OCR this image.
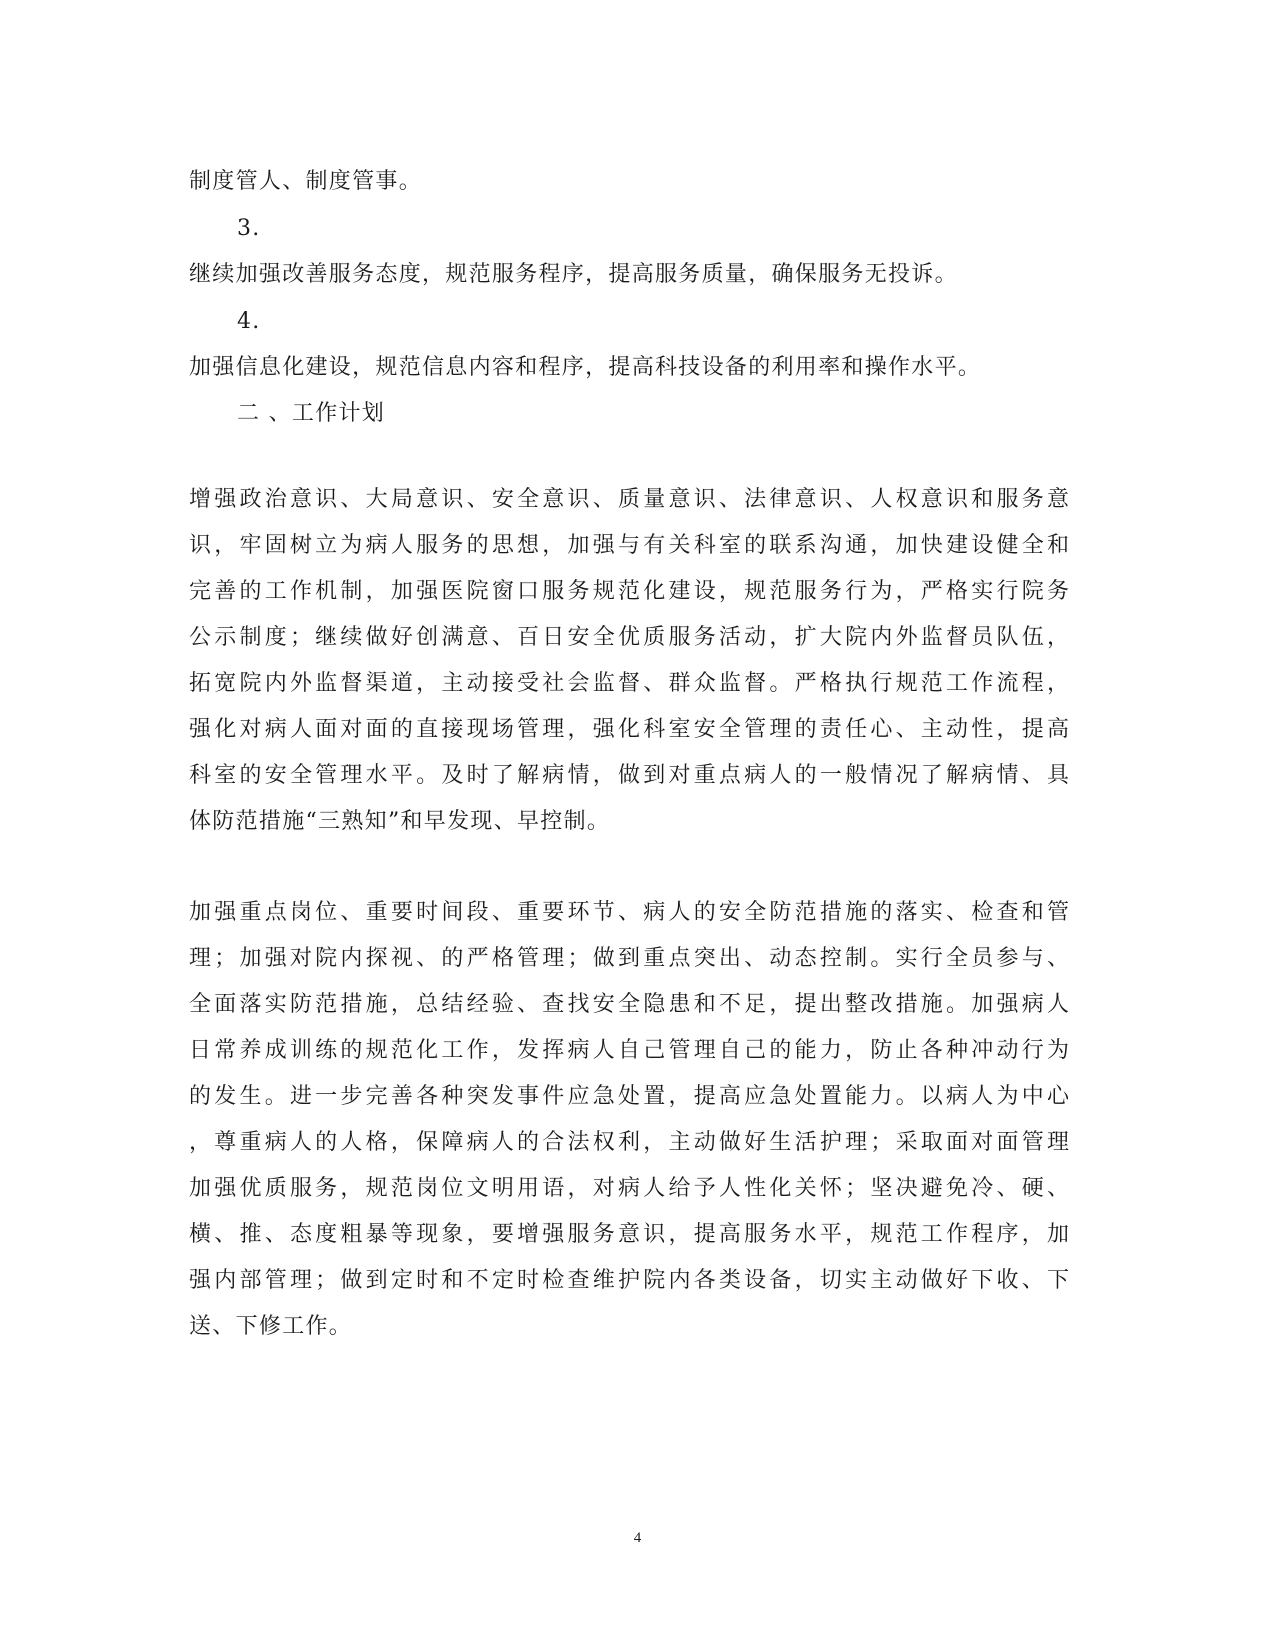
制度管人、制度管事。
3.
继续加强改善服务态度，规范服务程序，提高服务质量，确保服务无投诉。
4.
加强信息化建设，规范信息内容和程序，提高科技设备的利用率和操作水平。
二 、工作计划
增强政治意识、大局意识、安全意识、质量意识、法律意识、人权意识和服务意
识，牢固树立为病人服务的思想，加强与有关科室的联系沟通，加快建设健全和
完善的工作机制，加强医院窗口服务规范化建设，规范服务行为，严格实行院务
公示制度；继续做好创满意、百日安全优质服务活动，扩大院内外监督员队伍，
拓宽院内外监督渠道，主动接受社会监督、群众监督。严格执行规范工作流程，
强化对病人面对面的直接现场管理，强化科室安全管理的责任心、主动性，提高
科室的安全管理水平。及时了解病情，做到对重点病人的一般情况了解病情、具
体防范措施“三熟知”和早发现、早控制。
加强重点岗位、重要时间段、重要环节、病人的安全防范措施的落实、检查和管
理；加强对院内探视、的严格管理；做到重点突出、动态控制。实行全员参与、
全面落实防范措施，总结经验、查找安全隐患和不足，提出整改措施。加强病人
日常养成训练的规范化工作，发挥病人自己管理自己的能力，防止各种冲动行为
的发生。进一步完善各种突发事件应急处置，提高应急处置能力。以病人为中心
，尊重病人的人格，保障病人的合法权利，主动做好生活护理；采取面对面管理
加强优质服务，规范岗位文明用语，对病人给予人性化关怀；坚决避免冷、硬、
横、推、态度粗暴等现象，要增强服务意识，提高服务水平，规范工作程序，加
强内部管理；做到定时和不定时检查维护院内各类设备，切实主动做好下收、下
送、下修工作。
4
